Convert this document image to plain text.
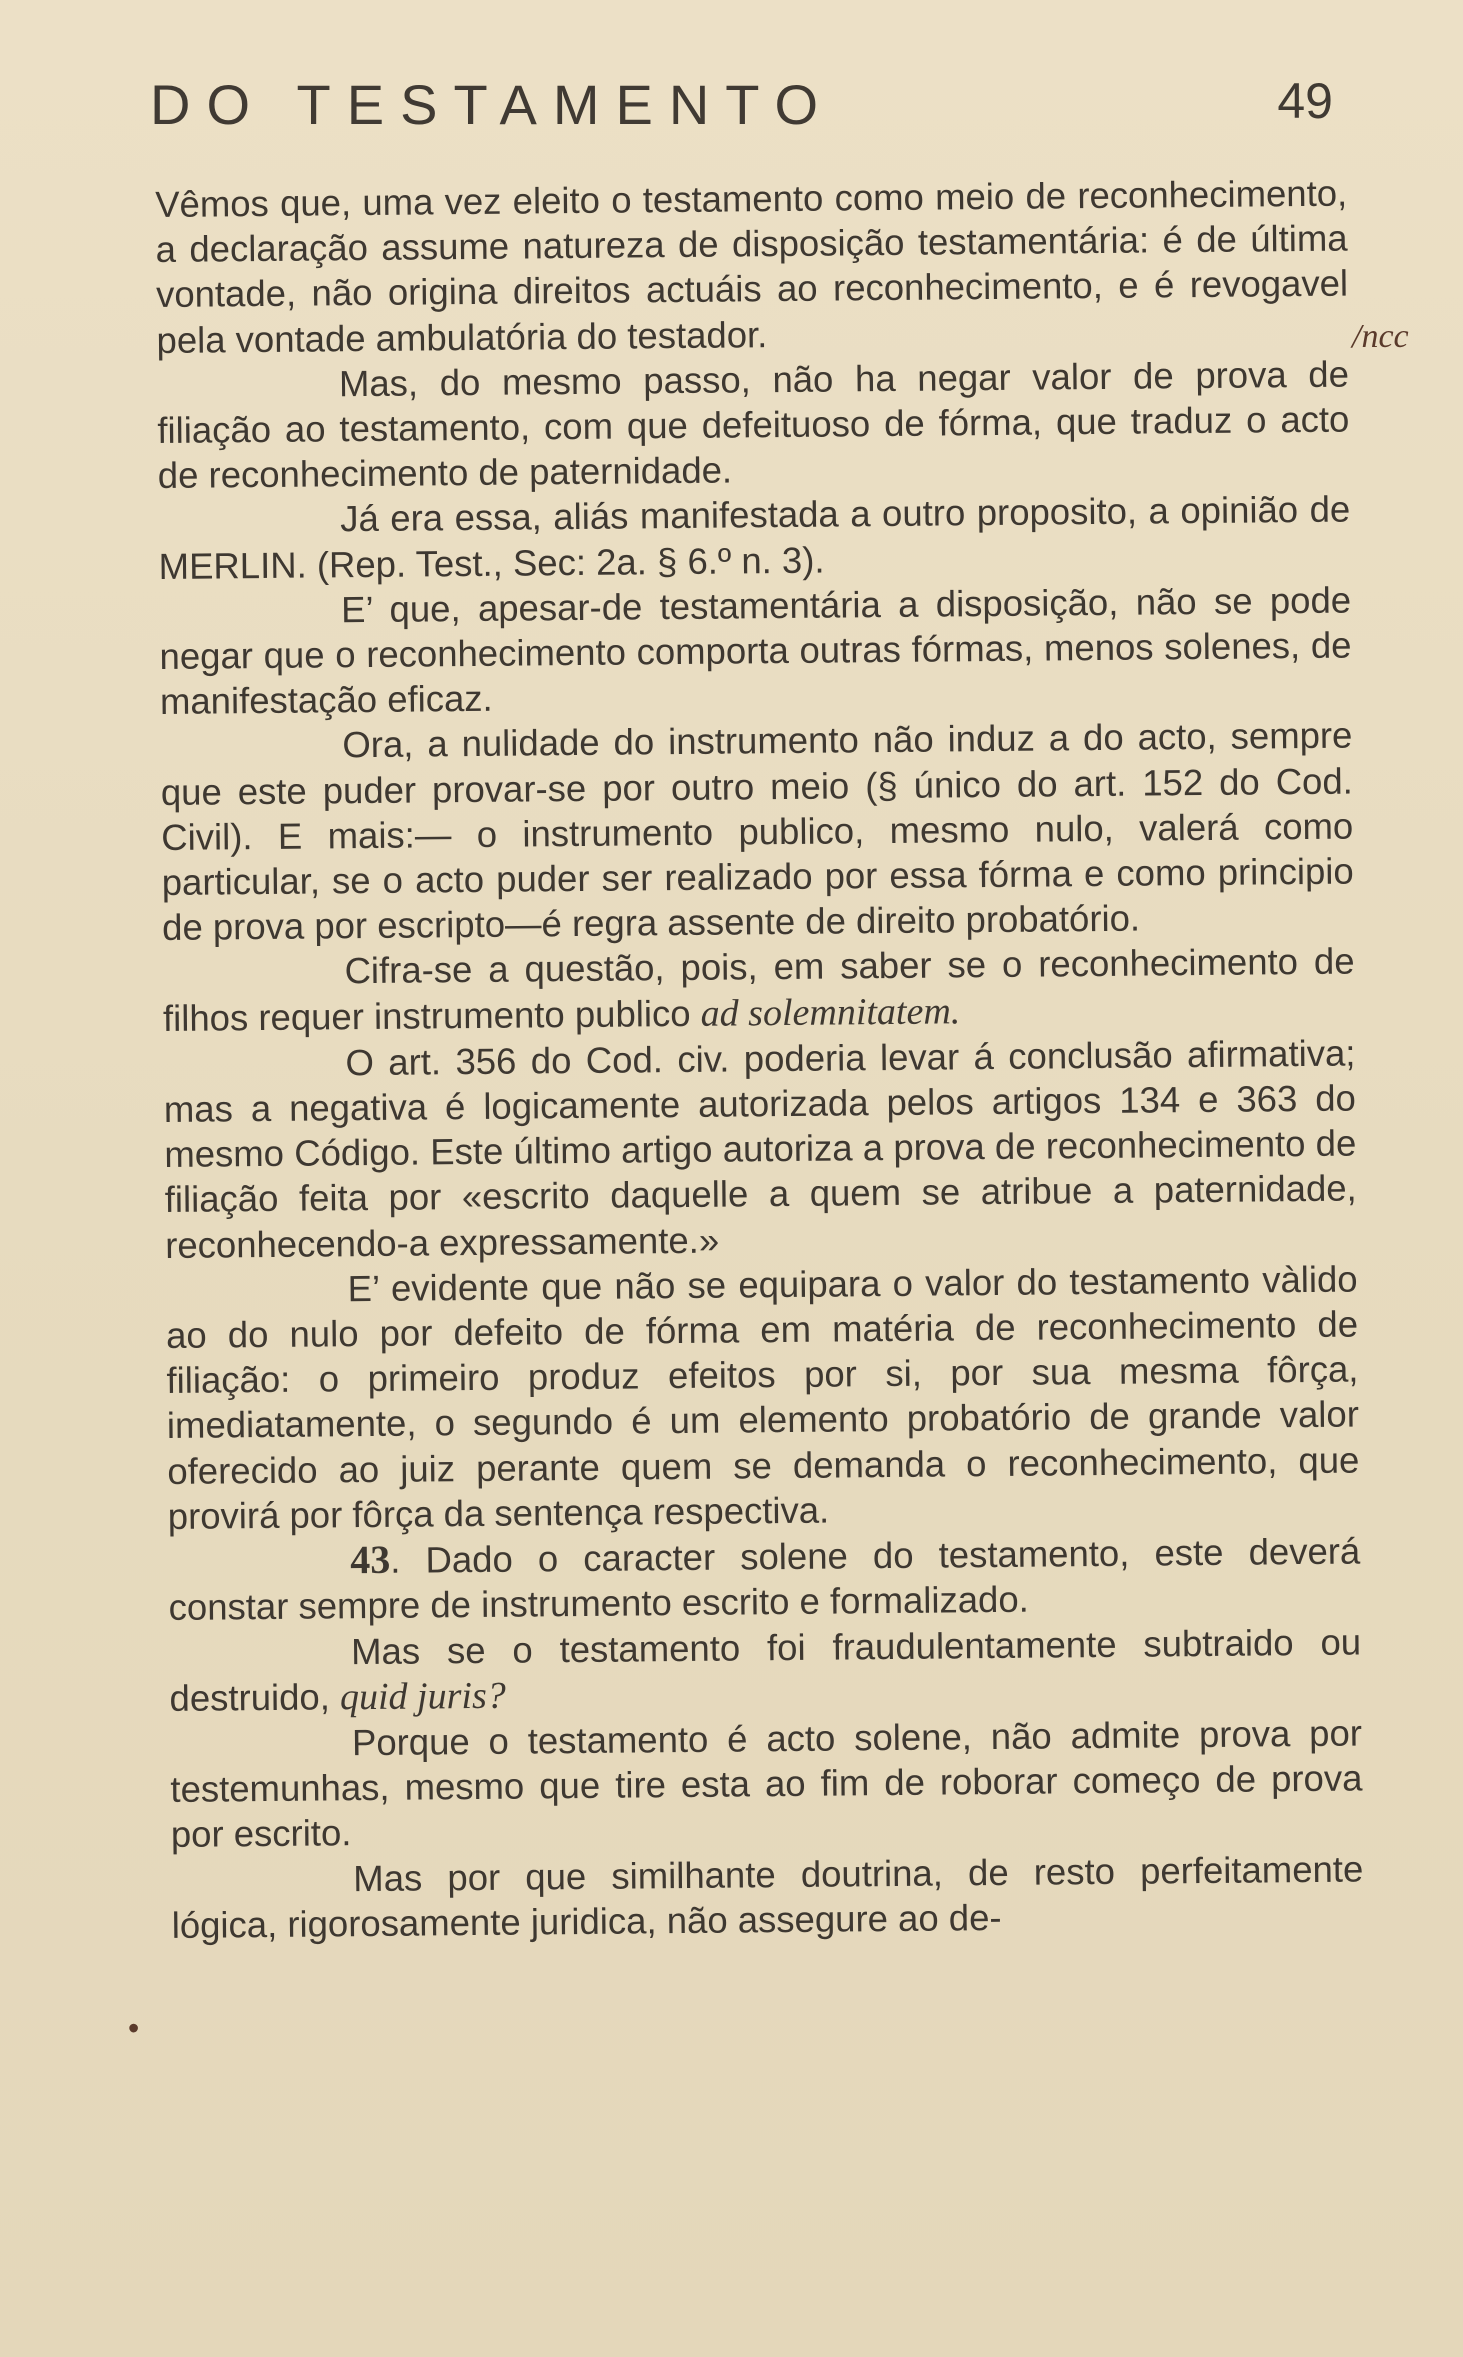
DO TESTAMENTO	49

Vêmos que, uma vez eleito o testamento como meio de reconhecimento, a declaração assume natureza de disposição testamentária: é de última vontade, não origina direitos actuáis ao reconhecimento, e é revogavel pela vontade ambulatória do testador.

Mas, do mesmo passo, não ha negar valor de prova de filiação ao testamento, com que defeituoso de fórma, que traduz o acto de reconhecimento de paternidade.

Já era essa, aliás manifestada a outro proposito, a opinião de MERLIN. (Rep. Test., Sec: 2a. § 6.º n. 3).

E’ que, apesar-de testamentária a disposição, não se pode negar que o reconhecimento comporta outras fórmas, menos solenes, de manifestação eficaz.

Ora, a nulidade do instrumento não induz a do acto, sempre que este puder provar-se por outro meio (§ único do art. 152 do Cod. Civil). E mais:— o instrumento publico, mesmo nulo, valerá como particular, se o acto puder ser realizado por essa fórma e como principio de prova por escripto—é regra assente de direito probatório.

Cifra-se a questão, pois, em saber se o reconhecimento de filhos requer instrumento publico ad solemnitatem.

O art. 356 do Cod. civ. poderia levar á conclusão afirmativa; mas a negativa é logicamente autorizada pelos artigos 134 e 363 do mesmo Código. Este último artigo autoriza a prova de reconhecimento de filiação feita por «escrito daquelle a quem se atribue a paternidade, reconhecendo-a expressamente.»

E’ evidente que não se equipara o valor do testamento vàlido ao do nulo por defeito de fórma em matéria de reconhecimento de filiação: o primeiro produz efeitos por si, por sua mesma fôrça, imediatamente, o segundo é um elemento probatório de grande valor oferecido ao juiz perante quem se demanda o reconhecimento, que provirá por fôrça da sentença respectiva.

43. Dado o caracter solene do testamento, este deverá constar sempre de instrumento escrito e formalizado.

Mas se o testamento foi fraudulentamente subtraido ou destruido, quid juris?

Porque o testamento é acto solene, não admite prova por testemunhas, mesmo que tire esta ao fim de roborar começo de prova por escrito.

Mas por que similhante doutrina, de resto perfeitamente lógica, rigorosamente juridica, não assegure ao de-

/ncc
•
